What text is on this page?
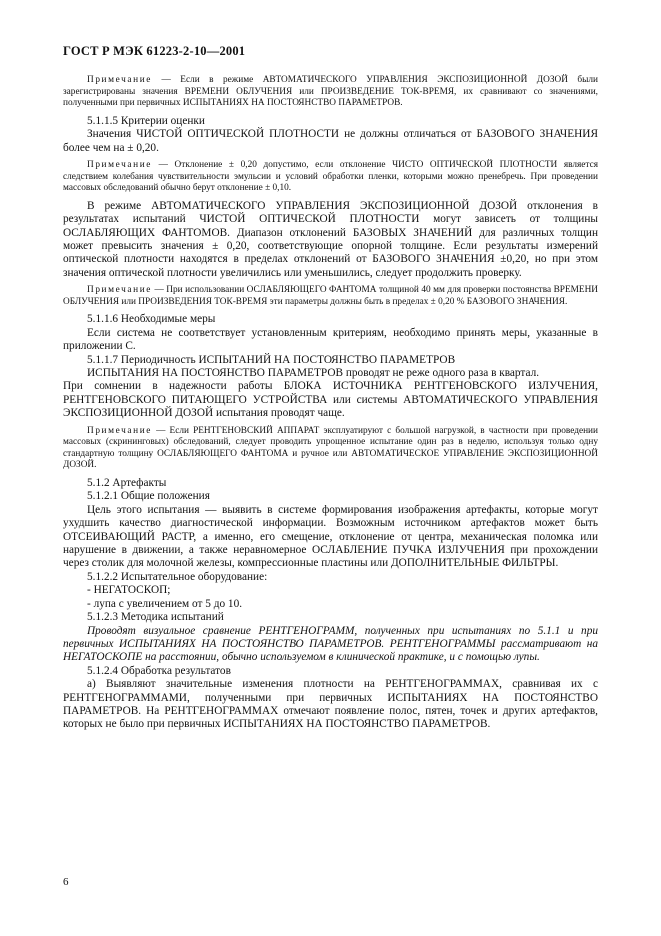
ГОСТ Р МЭК 61223-2-10—2001

Примечание — Если в режиме АВТОМАТИЧЕСКОГО УПРАВЛЕНИЯ ЭКСПОЗИЦИОННОЙ ДОЗОЙ были зарегистрированы значения ВРЕМЕНИ ОБЛУЧЕНИЯ или ПРОИЗВЕДЕНИЕ ТОК-ВРЕМЯ, их сравнивают со значениями, полученными при первичных ИСПЫТАНИЯХ НА ПОСТОЯНСТВО ПАРАМЕТРОВ.

5.1.1.5 Критерии оценки

Значения ЧИСТОЙ ОПТИЧЕСКОЙ ПЛОТНОСТИ не должны отличаться от БАЗОВОГО ЗНАЧЕНИЯ более чем на ± 0,20.

Примечание — Отклонение ± 0,20 допустимо, если отклонение ЧИСТО ОПТИЧЕСКОЙ ПЛОТНОСТИ является следствием колебания чувствительности эмульсии и условий обработки пленки, которыми можно пренебречь. При проведении массовых обследований обычно берут отклонение ± 0,10.

В режиме АВТОМАТИЧЕСКОГО УПРАВЛЕНИЯ ЭКСПОЗИЦИОННОЙ ДОЗОЙ отклонения в результатах испытаний ЧИСТОЙ ОПТИЧЕСКОЙ ПЛОТНОСТИ могут зависеть от толщины ОСЛАБЛЯЮЩИХ ФАНТОМОВ. Диапазон отклонений БАЗОВЫХ ЗНАЧЕНИЙ для различных толщин может превысить значения ± 0,20, соответствующие опорной толщине. Если результаты измерений оптической плотности находятся в пределах отклонений от БАЗОВОГО ЗНАЧЕНИЯ ±0,20, но при этом значения оптической плотности увеличились или уменьшились, следует продолжить проверку.

Примечание — При использовании ОСЛАБЛЯЮЩЕГО ФАНТОМА толщиной 40 мм для проверки постоянства ВРЕМЕНИ ОБЛУЧЕНИЯ или ПРОИЗВЕДЕНИЯ ТОК-ВРЕМЯ эти параметры должны быть в пределах ± 0,20 % БАЗОВОГО ЗНАЧЕНИЯ.

5.1.1.6 Необходимые меры

Если система не соответствует установленным критериям, необходимо принять меры, указанные в приложении С.

5.1.1.7 Периодичность ИСПЫТАНИЙ НА ПОСТОЯНСТВО ПАРАМЕТРОВ

ИСПЫТАНИЯ НА ПОСТОЯНСТВО ПАРАМЕТРОВ проводят не реже одного раза в квартал.

При сомнении в надежности работы БЛОКА ИСТОЧНИКА РЕНТГЕНОВСКОГО ИЗЛУЧЕНИЯ, РЕНТГЕНОВСКОГО ПИТАЮЩЕГО УСТРОЙСТВА или системы АВТОМАТИЧЕСКОГО УПРАВЛЕНИЯ ЭКСПОЗИЦИОННОЙ ДОЗОЙ испытания проводят чаще.

Примечание — Если РЕНТГЕНОВСКИЙ АППАРАТ эксплуатируют с большой нагрузкой, в частности при проведении массовых (скрининговых) обследований, следует проводить упрощенное испытание один раз в неделю, используя только одну стандартную толщину ОСЛАБЛЯЮЩЕГО ФАНТОМА и ручное или АВТОМАТИЧЕСКОЕ УПРАВЛЕНИЕ ЭКСПОЗИЦИОННОЙ ДОЗОЙ.

5.1.2 Артефакты

5.1.2.1 Общие положения

Цель этого испытания — выявить в системе формирования изображения артефакты, которые могут ухудшить качество диагностической информации. Возможным источником артефактов может быть ОТСЕИВАЮЩИЙ РАСТР, а именно, его смещение, отклонение от центра, механическая поломка или нарушение в движении, а также неравномерное ОСЛАБЛЕНИЕ ПУЧКА ИЗЛУЧЕНИЯ при прохождении через столик для молочной железы, компрессионные пластины или ДОПОЛНИТЕЛЬНЫЕ ФИЛЬТРЫ.

5.1.2.2 Испытательное оборудование:

- НЕГАТОСКОП;

- лупа с увеличением от 5 до 10.

5.1.2.3 Методика испытаний

Проводят визуальное сравнение РЕНТГЕНОГРАММ, полученных при испытаниях по 5.1.1 и при первичных ИСПЫТАНИЯХ НА ПОСТОЯНСТВО ПАРАМЕТРОВ. РЕНТГЕНОГРАММЫ рассматривают на НЕГАТОСКОПЕ на расстоянии, обычно используемом в клинической практике, и с помощью лупы.

5.1.2.4 Обработка результатов

а) Выявляют значительные изменения плотности на РЕНТГЕНОГРАММАХ, сравнивая их с РЕНТГЕНОГРАММАМИ, полученными при первичных ИСПЫТАНИЯХ НА ПОСТОЯНСТВО ПАРАМЕТРОВ. На РЕНТГЕНОГРАММАХ отмечают появление полос, пятен, точек и других артефактов, которых не было при первичных ИСПЫТАНИЯХ НА ПОСТОЯНСТВО ПАРАМЕТРОВ.

6
